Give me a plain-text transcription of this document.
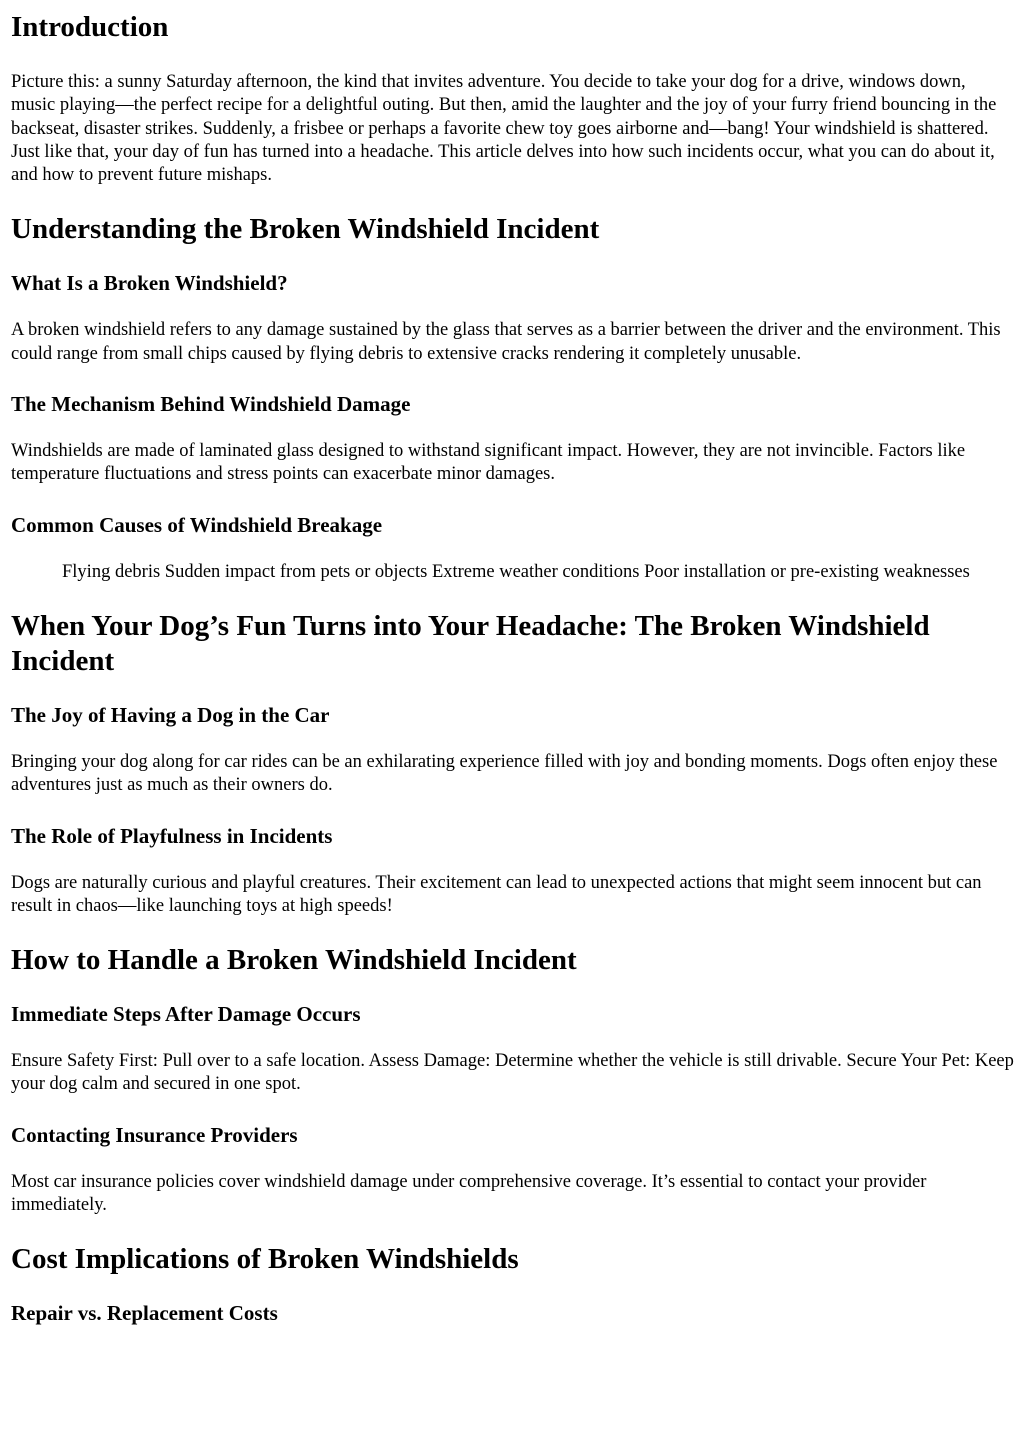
Introduction

Picture this: a sunny Saturday afternoon, the kind that invites adventure. You decide to take your dog for a drive, windows down, music playing—the perfect recipe for a delightful outing. But then, amid the laughter and the joy of your furry friend bouncing in the backseat, disaster strikes. Suddenly, a frisbee or perhaps a favorite chew toy goes airborne and—bang! Your windshield is shattered. Just like that, your day of fun has turned into a headache. This article delves into how such incidents occur, what you can do about it, and how to prevent future mishaps.

Understanding the Broken Windshield Incident
What Is a Broken Windshield?

A broken windshield refers to any damage sustained by the glass that serves as a barrier between the driver and the environment. This could range from small chips caused by flying debris to extensive cracks rendering it completely unusable.

The Mechanism Behind Windshield Damage

Windshields are made of laminated glass designed to withstand significant impact. However, they are not invincible. Factors like temperature fluctuations and stress points can exacerbate minor damages.

Common Causes of Windshield Breakage
Flying debris Sudden impact from pets or objects Extreme weather conditions Poor installation or pre-existing weaknesses
When Your Dog’s Fun Turns into Your Headache: The Broken Windshield Incident
The Joy of Having a Dog in the Car

Bringing your dog along for car rides can be an exhilarating experience filled with joy and bonding moments. Dogs often enjoy these adventures just as much as their owners do.

The Role of Playfulness in Incidents

Dogs are naturally curious and playful creatures. Their excitement can lead to unexpected actions that might seem innocent but can result in chaos—like launching toys at high speeds!

How to Handle a Broken Windshield Incident
Immediate Steps After Damage Occurs

Ensure Safety First: Pull over to a safe location. Assess Damage: Determine whether the vehicle is still drivable. Secure Your Pet: Keep your dog calm and secured in one spot.

Contacting Insurance Providers

Most car insurance policies cover windshield damage under comprehensive coverage. It’s essential to contact your provider immediately.

Cost Implications of Broken Windshields
Repair vs. Replacement Costs
